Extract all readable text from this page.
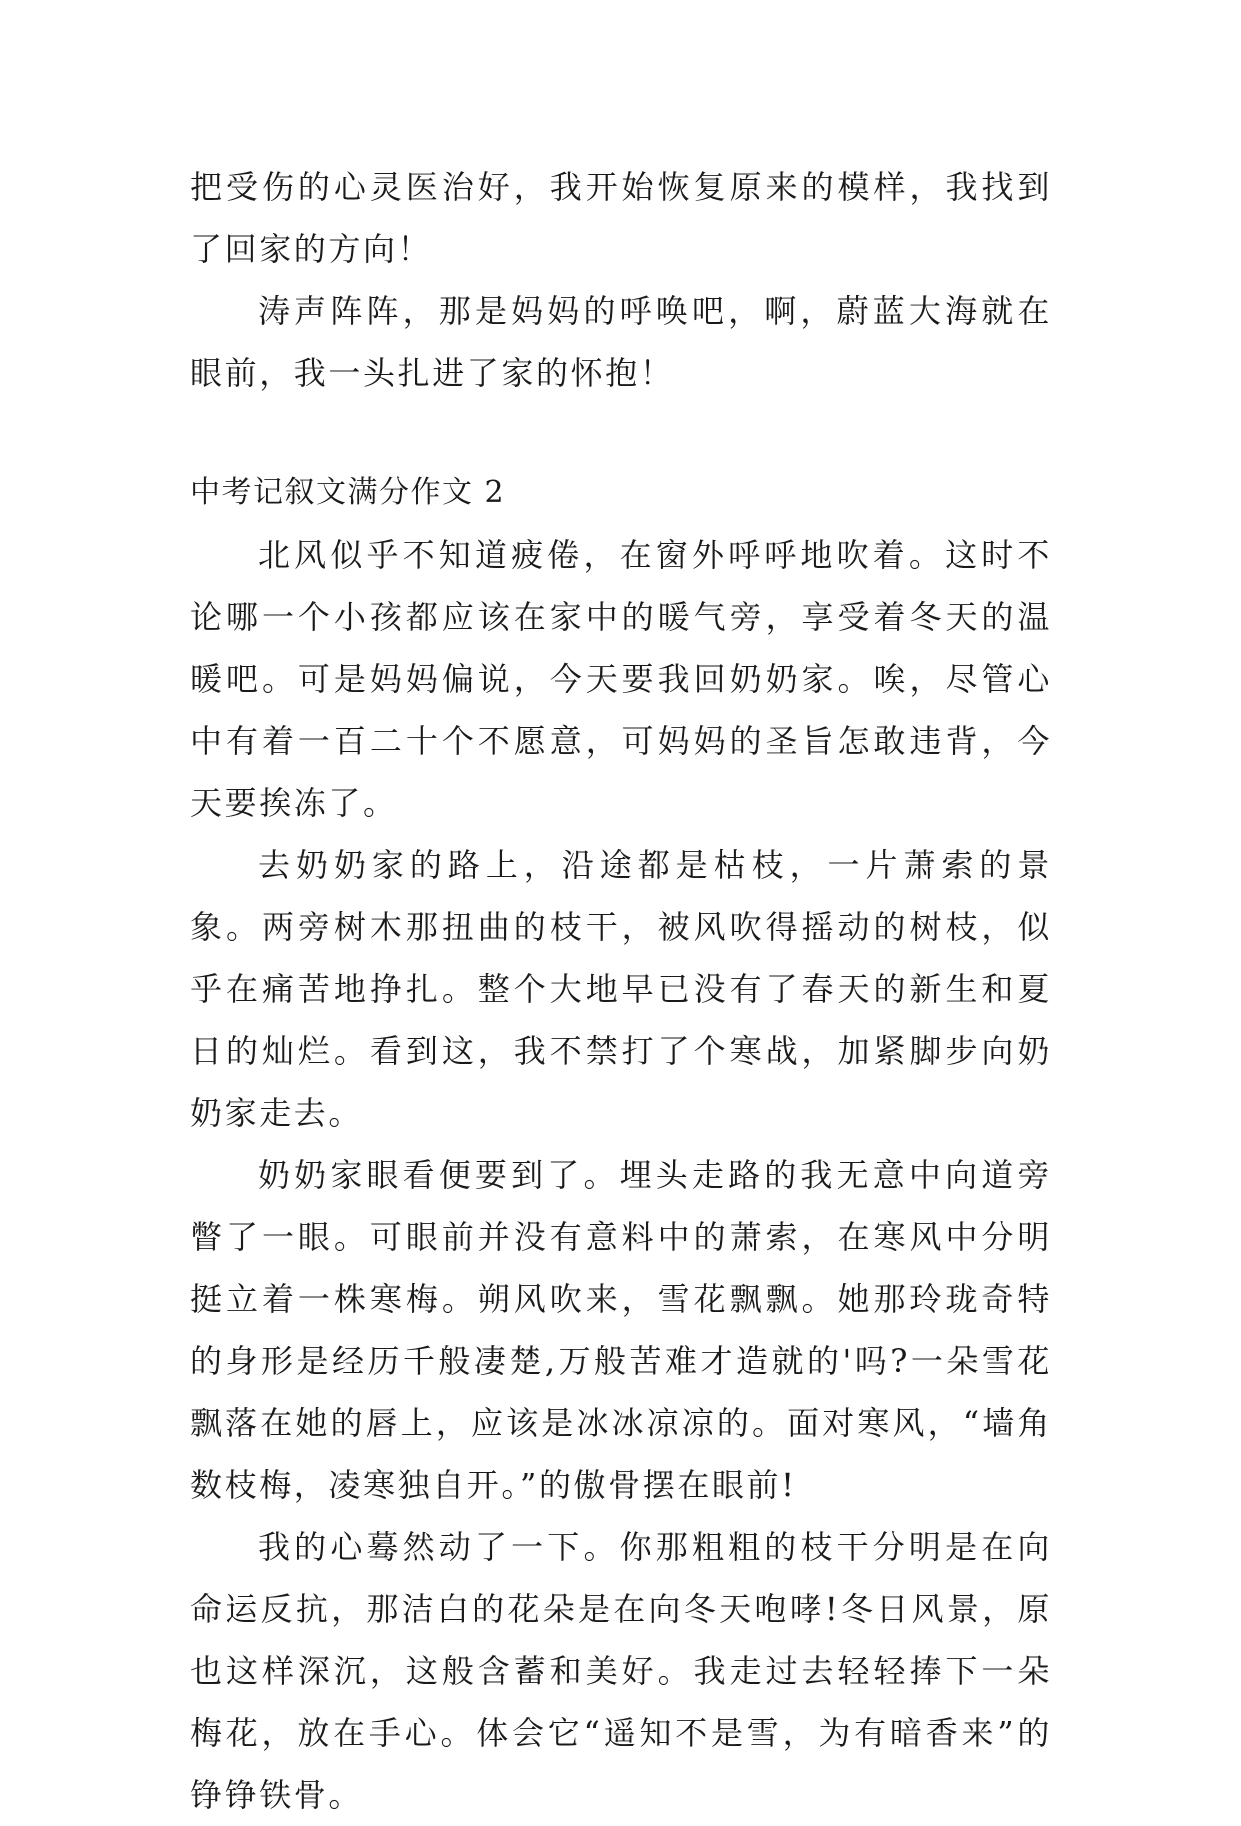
把受伤的心灵医治好，我开始恢复原来的模样，我找到了回家的方向！

涛声阵阵，那是妈妈的呼唤吧，啊，蔚蓝大海就在眼前，我一头扎进了家的怀抱！

中考记叙文满分作文 2

北风似乎不知道疲倦，在窗外呼呼地吹着。这时不论哪一个小孩都应该在家中的暖气旁，享受着冬天的温暖吧。可是妈妈偏说，今天要我回奶奶家。唉，尽管心中有着一百二十个不愿意，可妈妈的圣旨怎敢违背，今天要挨冻了。

去奶奶家的路上，沿途都是枯枝，一片萧索的景象。两旁树木那扭曲的枝干，被风吹得摇动的树枝，似乎在痛苦地挣扎。整个大地早已没有了春天的新生和夏日的灿烂。看到这，我不禁打了个寒战，加紧脚步向奶奶家走去。

奶奶家眼看便要到了。埋头走路的我无意中向道旁瞥了一眼。可眼前并没有意料中的萧索，在寒风中分明挺立着一株寒梅。朔风吹来，雪花飘飘。她那玲珑奇特的身形是经历千般凄楚,万般苦难才造就的'吗?一朵雪花飘落在她的唇上，应该是冰冰凉凉的。面对寒风，“墙角数枝梅，凌寒独自开。”的傲骨摆在眼前!

我的心蓦然动了一下。你那粗粗的枝干分明是在向命运反抗，那洁白的花朵是在向冬天咆哮!冬日风景，原也这样深沉，这般含蓄和美好。我走过去轻轻捧下一朵梅花，放在手心。体会它“遥知不是雪，为有暗香来”的铮铮铁骨。
